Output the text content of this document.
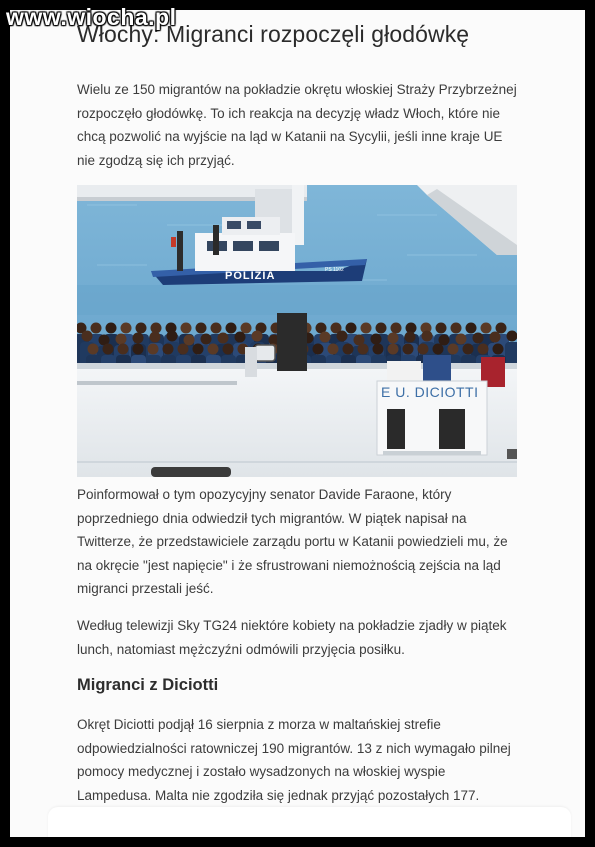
Włochy: Migranci rozpoczęli głodówkę

Wielu ze 150 migrantów na pokładzie okrętu włoskiej Straży Przybrzeżnej rozpoczęło głodówkę. To ich reakcja na decyzję władz Włoch, które nie chcą pozwolić na wyjście na ląd w Katanii na Sycylii, jeśli inne kraje UE nie zgodzą się ich przyjąć.

POLIZIA	PS 1102
E U. DICIOTTI

Poinformował o tym opozycyjny senator Davide Faraone, który poprzedniego dnia odwiedził tych migrantów. W piątek napisał na Twitterze, że przedstawiciele zarządu portu w Katanii powiedzieli mu, że na okręcie "jest napięcie" i że sfrustrowani niemożnością zejścia na ląd migranci przestali jeść.

Według telewizji Sky TG24 niektóre kobiety na pokładzie zjadły w piątek lunch, natomiast mężczyźni odmówili przyjęcia posiłku.

Migranci z Diciotti

Okręt Diciotti podjął 16 sierpnia z morza w maltańskiej strefie odpowiedzialności ratowniczej 190 migrantów. 13 z nich wymagało pilnej pomocy medycznej i zostało wysadzonych na włoskiej wyspie Lampedusa. Malta nie zgodziła się jednak przyjąć pozostałych 177.

www.wiocha.pl
